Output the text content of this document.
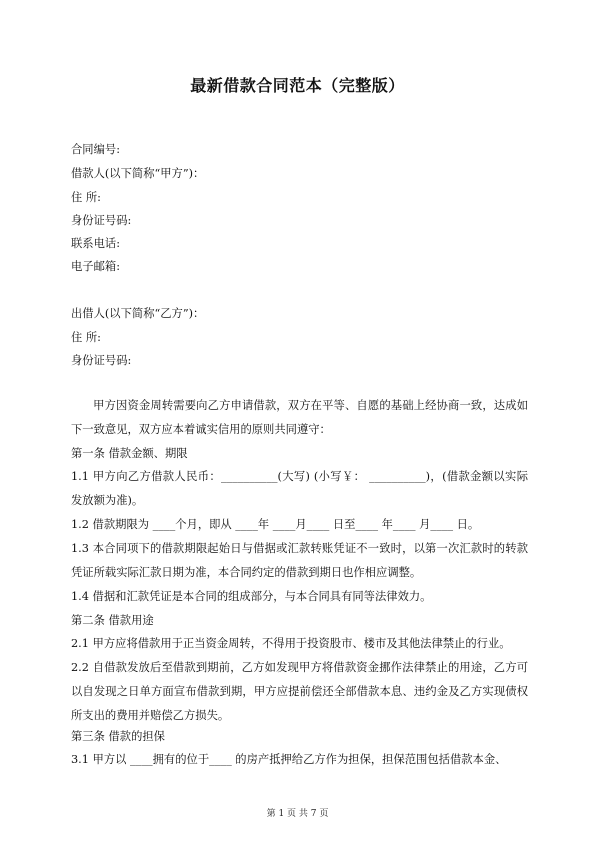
最新借款合同范本（完整版）
合同编号:
借款人(以下简称“甲方”)：
住 所:
身份证号码:
联系电话:
电子邮箱:
出借人(以下简称“乙方”)：
住 所:
身份证号码:
甲方因资金周转需要向乙方申请借款，双方在平等、自愿的基础上经协商一致，达成如下一致意见，双方应本着诚实信用的原则共同遵守：
第一条 借款金额、期限
1.1 甲方向乙方借款人民币：__________(大写) (小写￥： __________)，(借款金额以实际发放额为准)。
1.2 借款期限为 ____个月，即从 ____年 ____月____ 日至____ 年____ 月____ 日。
1.3 本合同项下的借款期限起始日与借据或汇款转账凭证不一致时，以第一次汇款时的转款凭证所载实际汇款日期为准，本合同约定的借款到期日也作相应调整。
1.4 借据和汇款凭证是本合同的组成部分，与本合同具有同等法律效力。
第二条 借款用途
2.1 甲方应将借款用于正当资金周转，不得用于投资股市、楼市及其他法律禁止的行业。
2.2 自借款发放后至借款到期前，乙方如发现甲方将借款资金挪作法律禁止的用途，乙方可以自发现之日单方面宣布借款到期，甲方应提前偿还全部借款本息、违约金及乙方实现债权所支出的费用并赔偿乙方损失。
第三条 借款的担保
3.1 甲方以 ____拥有的位于____ 的房产抵押给乙方作为担保，担保范围包括借款本金、
第 1 页 共 7 页
